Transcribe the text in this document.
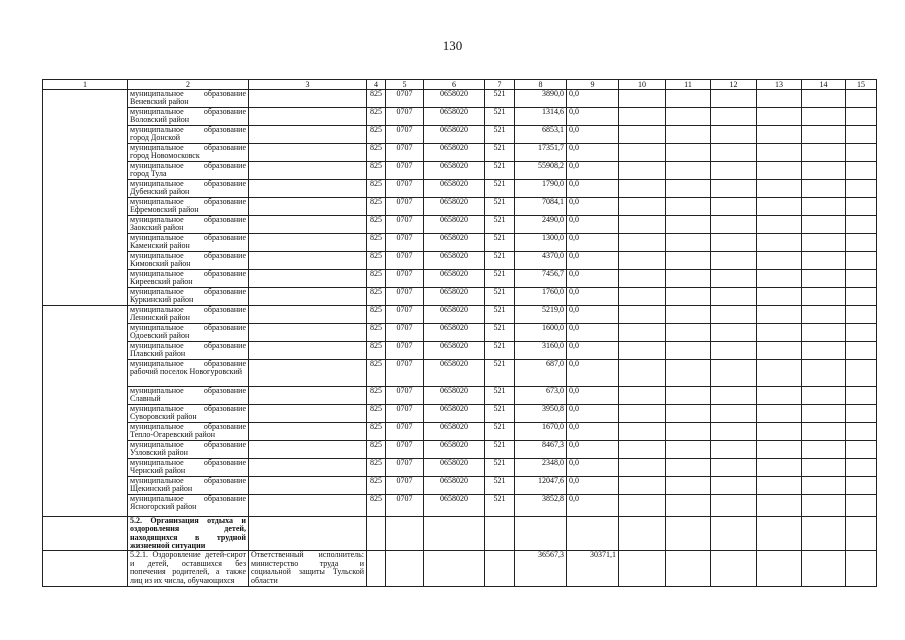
130
1	2	3	4	5	6	7	8	9	10	11	12	13	14	15
	муниципальное образование Веневский район		825	0707	0658020	521	3890,0	0,0						
	муниципальное образование Воловский район		825	0707	0658020	521	1314,6	0,0						
	муниципальное образование город Донской		825	0707	0658020	521	6853,1	0,0						
	муниципальное образование город Новомосковск		825	0707	0658020	521	17351,7	0,0						
	муниципальное образование город Тула		825	0707	0658020	521	55908,2	0,0						
	муниципальное образование Дубенский район		825	0707	0658020	521	1790,0	0,0						
	муниципальное образование Ефремовский район		825	0707	0658020	521	7084,1	0,0						
	муниципальное образование Заокский район		825	0707	0658020	521	2490,0	0,0						
	муниципальное образование Каменский район		825	0707	0658020	521	1300,0	0,0						
	муниципальное образование Кимовский район		825	0707	0658020	521	4370,0	0,0						
	муниципальное образование Киреевский район		825	0707	0658020	521	7456,7	0,0						
	муниципальное образование Куркинский район		825	0707	0658020	521	1760,0	0,0						
	муниципальное образование Ленинский район		825	0707	0658020	521	5219,0	0,0						
	муниципальное образование Одоевский район		825	0707	0658020	521	1600,0	0,0						
	муниципальное образование Плавский район		825	0707	0658020	521	3160,0	0,0						
	муниципальное образование рабочий поселок Новогуровский		825	0707	0658020	521	687,0	0,0						
	муниципальное образование Славный		825	0707	0658020	521	673,0	0,0						
	муниципальное образование Суворовский район		825	0707	0658020	521	3950,8	0,0						
	муниципальное образование Тепло-Огаревский район		825	0707	0658020	521	1670,0	0,0						
	муниципальное образование Узловский район		825	0707	0658020	521	8467,3	0,0						
	муниципальное образование Чернский район		825	0707	0658020	521	2348,0	0,0						
	муниципальное образование Щекинский район		825	0707	0658020	521	12047,6	0,0						
	муниципальное образование Ясногорский район		825	0707	0658020	521	3852,8	0,0						
	5.2. Организация отдыха и оздоровления детей, находящихся в трудной жизненной ситуации													
	5.2.1. Оздоровление детей-сирот и детей, оставшихся без попечения родителей, а также лиц из их числа, обучающихся	Ответственный исполнитель: министерство труда и социальной защиты Тульской области					36567,3	30371,1						
